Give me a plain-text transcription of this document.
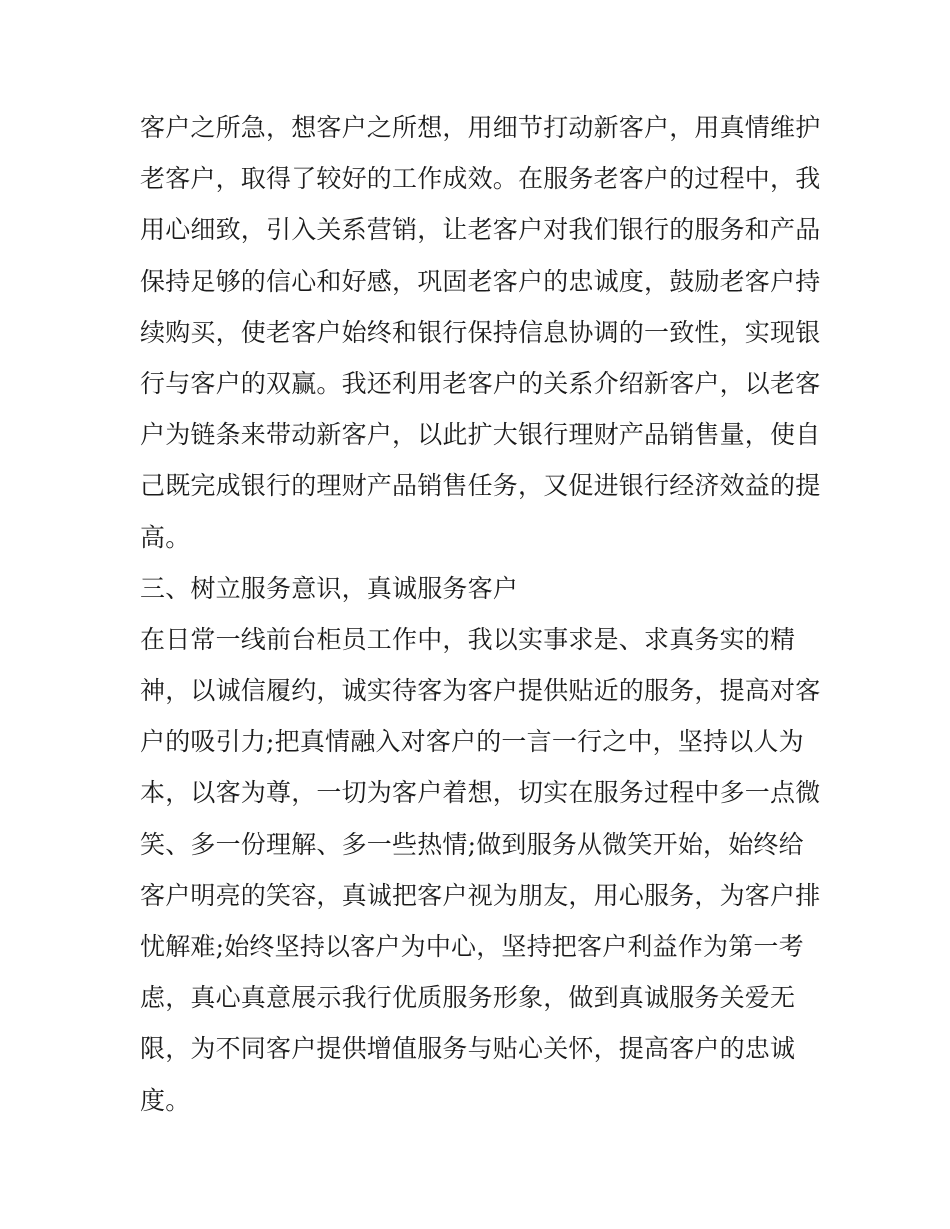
客户之所急，想客户之所想，用细节打动新客户，用真情维护
老客户，取得了较好的工作成效。在服务老客户的过程中，我
用心细致，引入关系营销，让老客户对我们银行的服务和产品
保持足够的信心和好感，巩固老客户的忠诚度，鼓励老客户持
续购买，使老客户始终和银行保持信息协调的一致性，实现银
行与客户的双赢。我还利用老客户的关系介绍新客户，以老客
户为链条来带动新客户，以此扩大银行理财产品销售量，使自
己既完成银行的理财产品销售任务，又促进银行经济效益的提
高。
三、树立服务意识，真诚服务客户
在日常一线前台柜员工作中，我以实事求是、求真务实的精
神，以诚信履约，诚实待客为客户提供贴近的服务，提高对客
户的吸引力;把真情融入对客户的一言一行之中，坚持以人为
本，以客为尊，一切为客户着想，切实在服务过程中多一点微
笑、多一份理解、多一些热情;做到服务从微笑开始，始终给
客户明亮的笑容，真诚把客户视为朋友，用心服务，为客户排
忧解难;始终坚持以客户为中心，坚持把客户利益作为第一考
虑，真心真意展示我行优质服务形象，做到真诚服务关爱无
限，为不同客户提供增值服务与贴心关怀，提高客户的忠诚
度。
